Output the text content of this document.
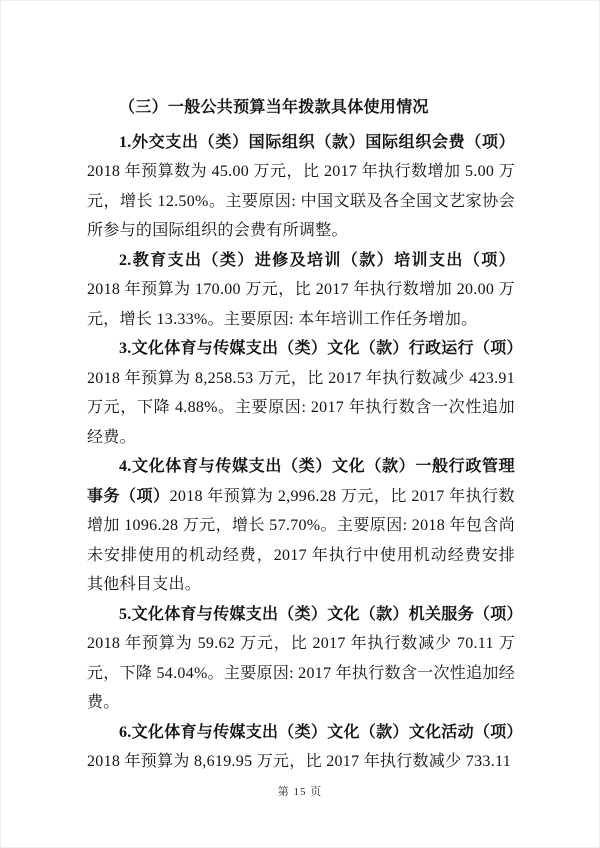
（三）一般公共预算当年拨款具体使用情况

1.外交支出（类）国际组织（款）国际组织会费（项）2018 年预算数为 45.00 万元，比 2017 年执行数增加 5.00 万元，增长 12.50%。主要原因: 中国文联及各全国文艺家协会所参与的国际组织的会费有所调整。

2.教育支出（类）进修及培训（款）培训支出（项）2018 年预算为 170.00 万元，比 2017 年执行数增加 20.00 万元，增长 13.33%。主要原因: 本年培训工作任务增加。

3.文化体育与传媒支出（类）文化（款）行政运行（项）2018 年预算为 8,258.53 万元，比 2017 年执行数减少 423.91 万元，下降 4.88%。主要原因: 2017 年执行数含一次性追加经费。

4.文化体育与传媒支出（类）文化（款）一般行政管理事务（项）2018 年预算为 2,996.28 万元，比 2017 年执行数增加 1096.28 万元，增长 57.70%。主要原因: 2018 年包含尚未安排使用的机动经费，2017 年执行中使用机动经费安排其他科目支出。

5.文化体育与传媒支出（类）文化（款）机关服务（项）2018 年预算为 59.62 万元，比 2017 年执行数减少 70.11 万元，下降 54.04%。主要原因: 2017 年执行数含一次性追加经费。

6.文化体育与传媒支出（类）文化（款）文化活动（项）2018 年预算为 8,619.95 万元，比 2017 年执行数减少 733.11

第 15 页
